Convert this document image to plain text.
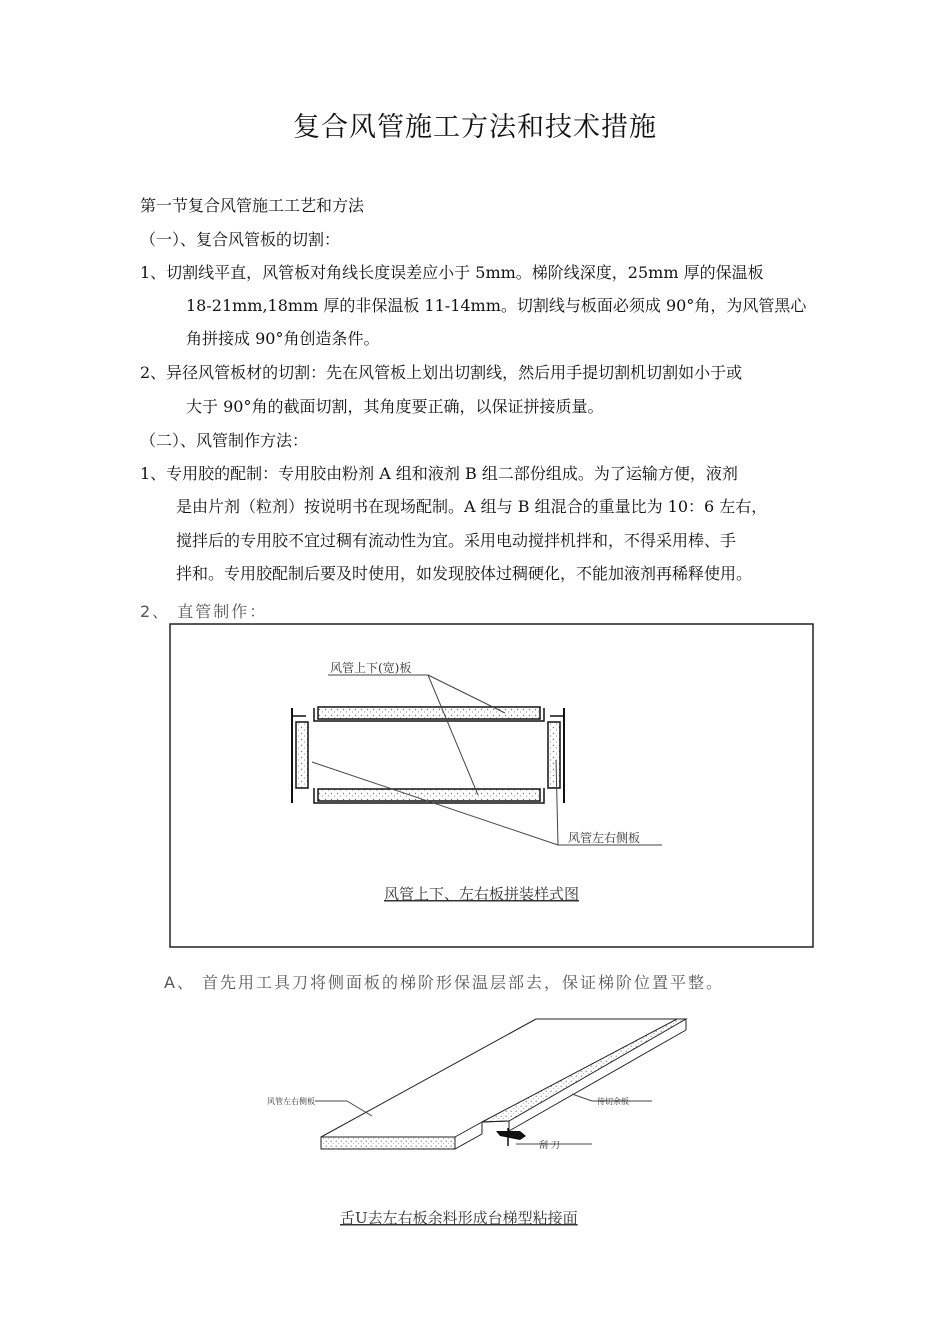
复合风管施工方法和技术措施
第一节复合风管施工工艺和方法
（一）、复合风管板的切割：
1、切割线平直，风管板对角线长度误差应小于 5mm。梯阶线深度，25mm 厚的保温板
18-21mm,18mm 厚的非保温板 11-14mm。切割线与板面必须成 90°角，为风管黑心
角拼接成 90°角创造条件。
2、异径风管板材的切割：先在风管板上划出切割线，然后用手提切割机切割如小于或
大于 90°角的截面切割，其角度要正确，以保证拼接质量。
（二）、风管制作方法：
1、专用胶的配制：专用胶由粉剂 A 组和液剂 B 组二部份组成。为了运输方便，液剂
是由片剂（粒剂）按说明书在现场配制。A 组与 B 组混合的重量比为 10：6 左右，
搅拌后的专用胶不宜过稠有流动性为宜。采用电动搅拌机拌和，不得采用棒、手
拌和。专用胶配制后要及时使用，如发现胶体过稠硬化，不能加液剂再稀释使用。
2、 直管制作：
风管上下(宽)板
风管左右侧板
风管上下、左右板拼装样式图
A、 首先用工具刀将侧面板的梯阶形保温层部去，保证梯阶位置平整。
风管左右侧板	待切余板
刮 刀
舌U去左右板余料形成台梯型粘接面
